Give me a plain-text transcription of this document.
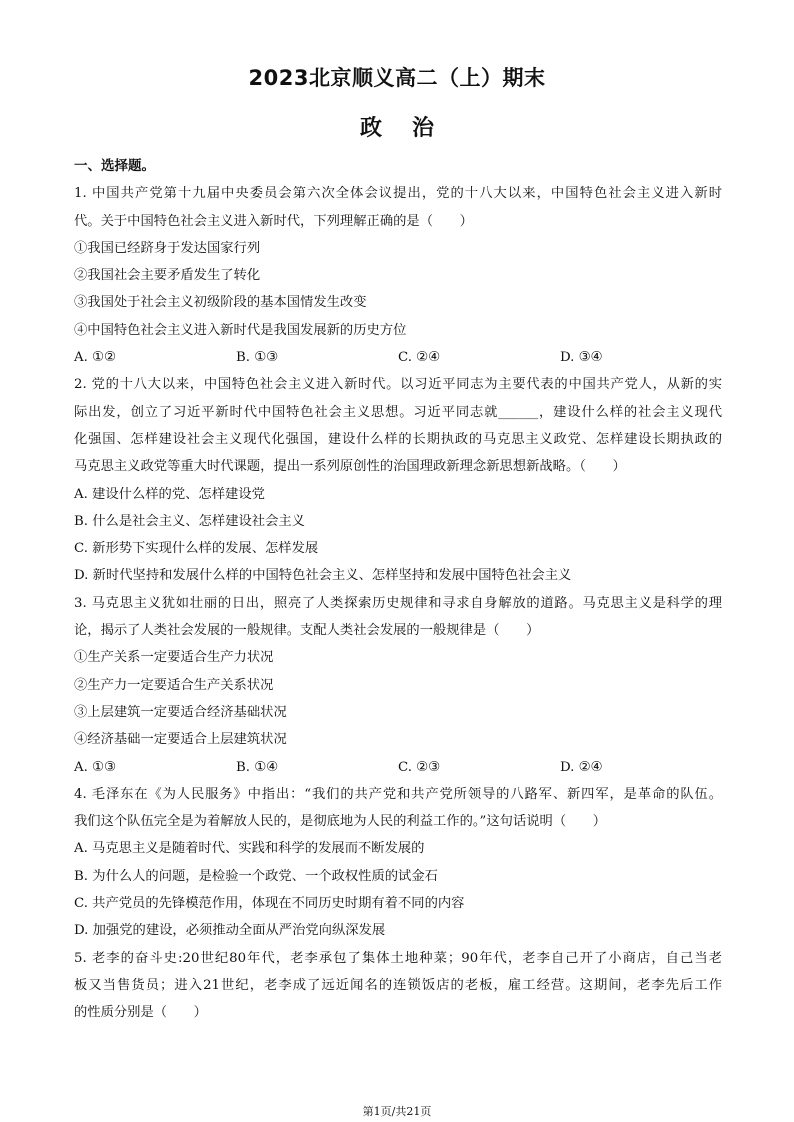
2023北京顺义高二（上）期末
政治
一、选择题。
1. 中国共产党第十九届中央委员会第六次全体会议提出，党的十八大以来，中国特色社会主义进入新时
代。关于中国特色社会主义进入新时代，下列理解正确的是（　　）
①我国已经跻身于发达国家行列
②我国社会主要矛盾发生了转化
③我国处于社会主义初级阶段的基本国情发生改变
④中国特色社会主义进入新时代是我国发展新的历史方位
A. ①②	B. ①③	C. ②④	D. ③④
2. 党的十八大以来，中国特色社会主义进入新时代。以习近平同志为主要代表的中国共产党人，从新的实
际出发，创立了习近平新时代中国特色社会主义思想。习近平同志就______，建设什么样的社会主义现代
化强国、怎样建设社会主义现代化强国，建设什么样的长期执政的马克思主义政党、怎样建设长期执政的
马克思主义政党等重大时代课题，提出一系列原创性的治国理政新理念新思想新战略。（　　）
A. 建设什么样的党、怎样建设党
B. 什么是社会主义、怎样建设社会主义
C. 新形势下实现什么样的发展、怎样发展
D. 新时代坚持和发展什么样的中国特色社会主义、怎样坚持和发展中国特色社会主义
3. 马克思主义犹如壮丽的日出，照亮了人类探索历史规律和寻求自身解放的道路。马克思主义是科学的理
论，揭示了人类社会发展的一般规律。支配人类社会发展的一般规律是（　　）
①生产关系一定要适合生产力状况
②生产力一定要适合生产关系状况
③上层建筑一定要适合经济基础状况
④经济基础一定要适合上层建筑状况
A. ①③	B. ①④	C. ②③	D. ②④
4. 毛泽东在《为人民服务》中指出：“我们的共产党和共产党所领导的八路军、新四军，是革命的队伍。
我们这个队伍完全是为着解放人民的，是彻底地为人民的利益工作的。”这句话说明（　　）
A. 马克思主义是随着时代、实践和科学的发展而不断发展的
B. 为什么人的问题，是检验一个政党、一个政权性质的试金石
C. 共产党员的先锋模范作用，体现在不同历史时期有着不同的内容
D. 加强党的建设，必须推动全面从严治党向纵深发展
5. 老李的奋斗史:20世纪80年代，老李承包了集体土地种菜；90年代，老李自己开了小商店，自己当老
板又当售货员；进入21世纪，老李成了远近闻名的连锁饭店的老板，雇工经营。这期间，老李先后工作
的性质分别是（　　）
第1页/共21页
